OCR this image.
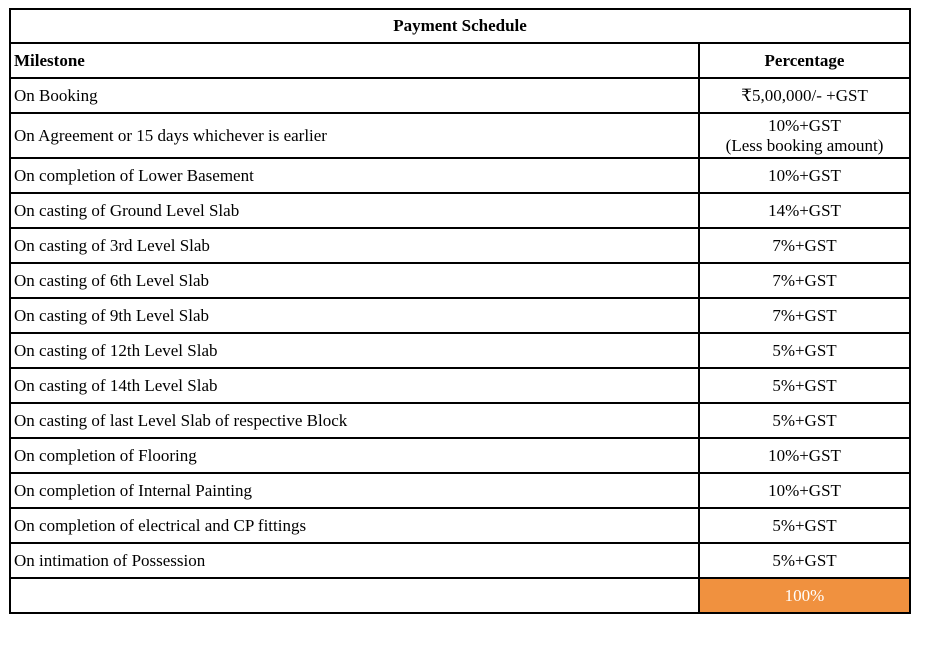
Payment Schedule	
Milestone	Percentage
On Booking	₹5,00,000/- +GST
On Agreement or 15 days whichever is earlier	10%+GST
(Less booking amount)

On completion of Lower Basement	10%+GST
On casting of Ground Level Slab	14%+GST
On casting of 3rd Level Slab	7%+GST
On casting of 6th Level Slab	7%+GST
On casting of 9th Level Slab	7%+GST
On casting of 12th Level Slab	5%+GST
On casting of 14th Level Slab	5%+GST
On casting of last Level Slab of respective Block	5%+GST
On completion of Flooring	10%+GST
On completion of Internal Painting	10%+GST
On completion of electrical and CP fittings	5%+GST
On intimation of Possession	5%+GST
	100%
